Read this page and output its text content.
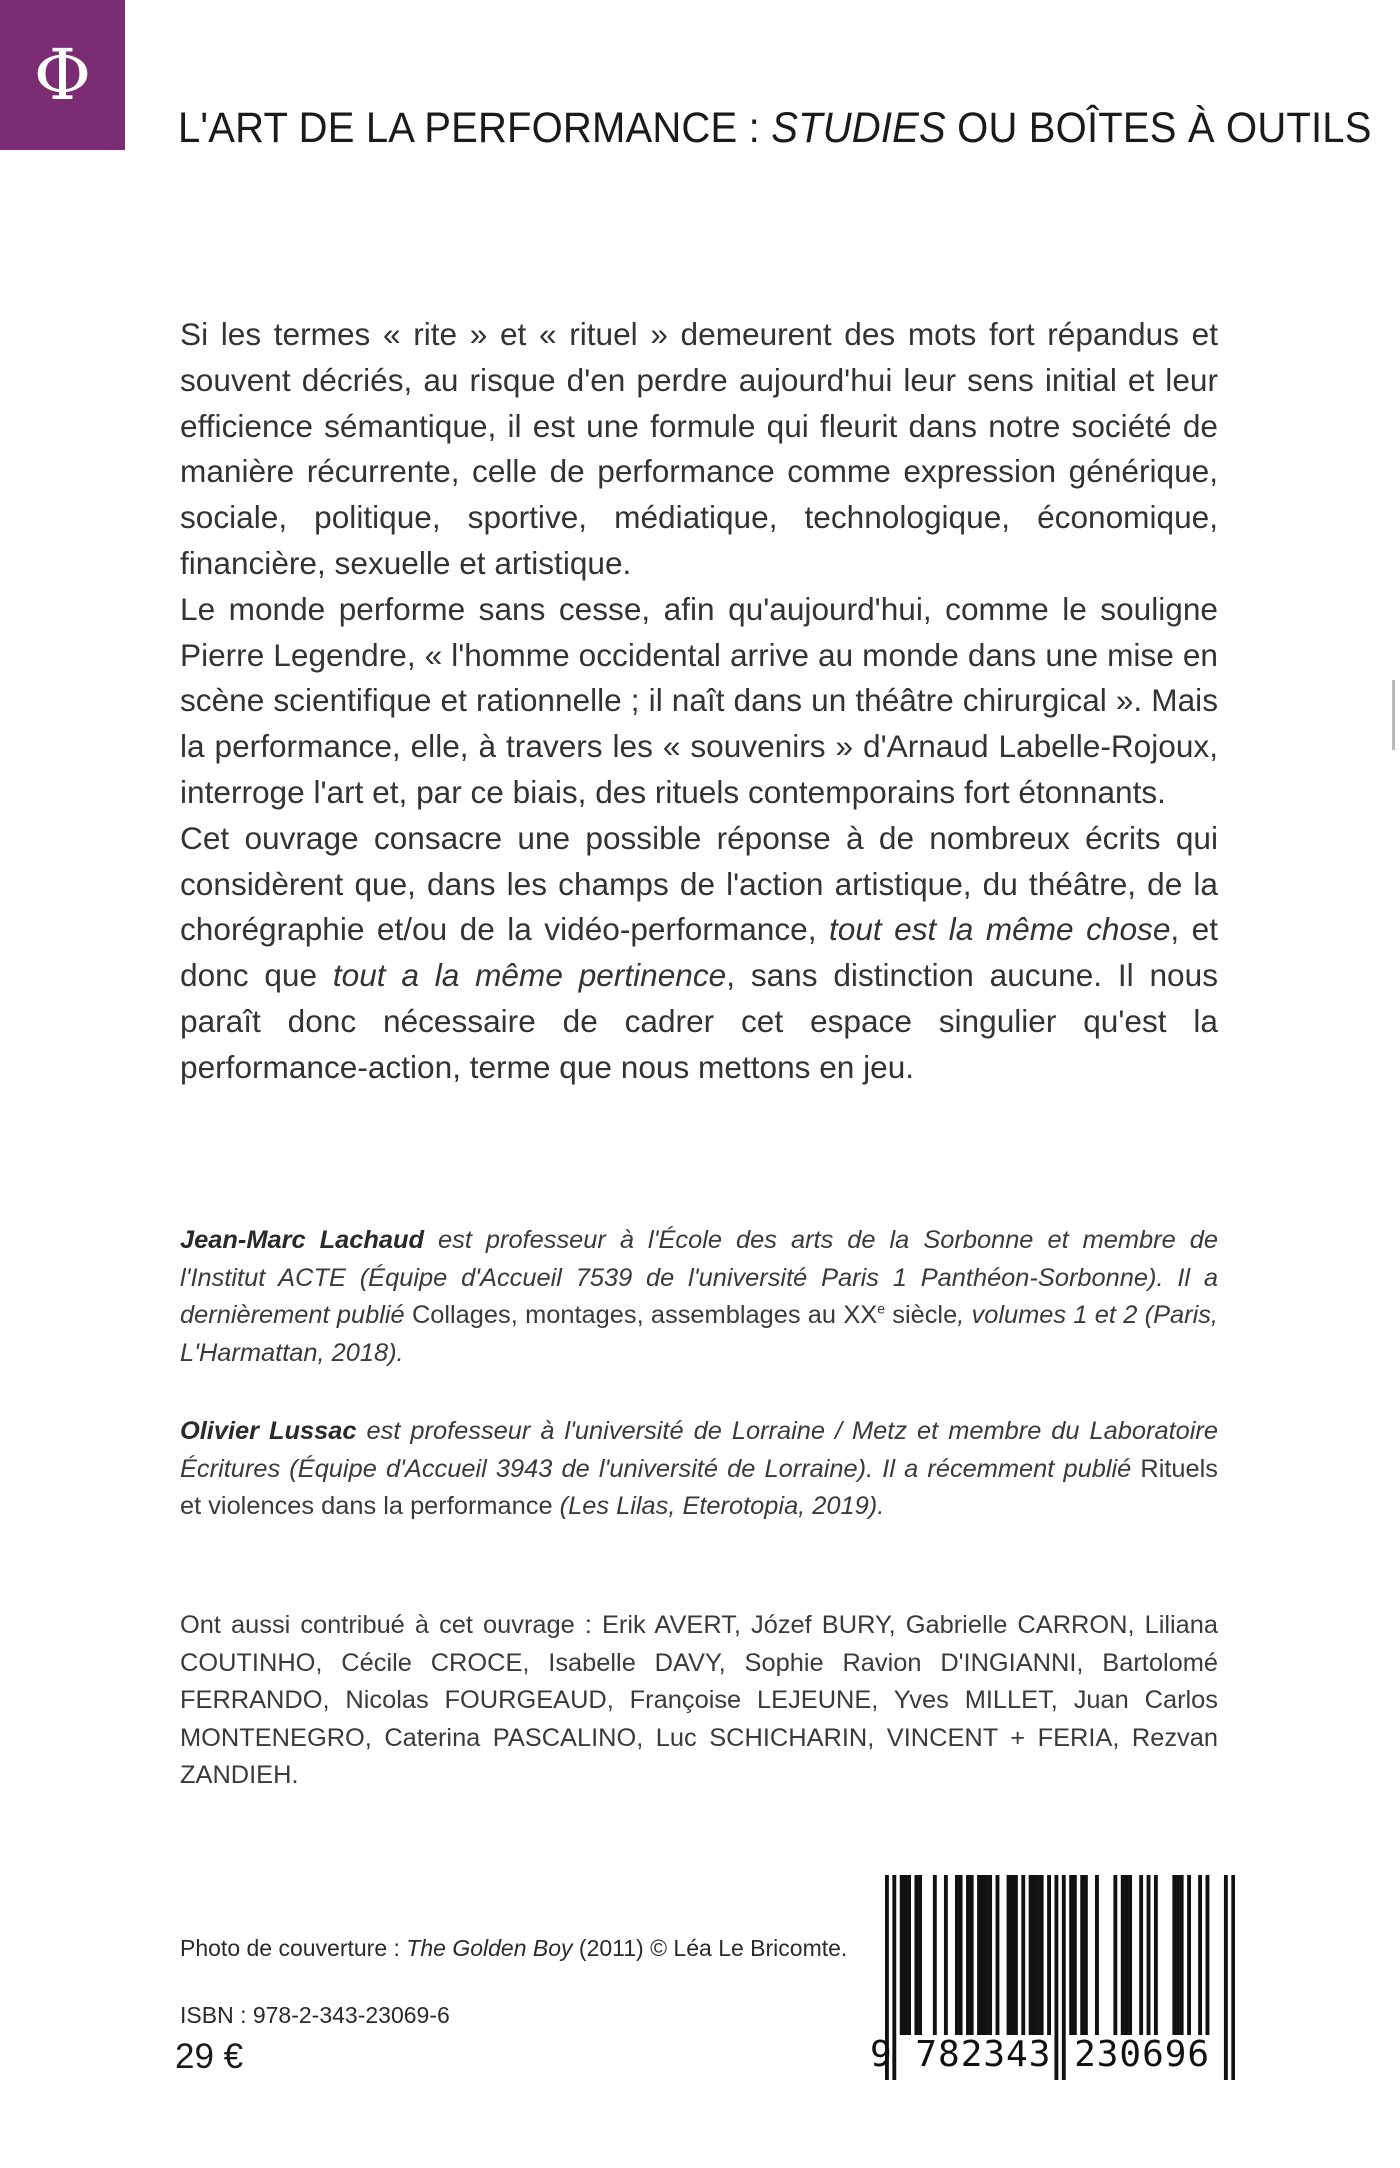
Φ
L'ART DE LA PERFORMANCE : STUDIES OU BOÎTES À OUTILS

Si les termes « rite » et « rituel » demeurent des mots fort répandus et souvent décriés, au risque d'en perdre aujourd'hui leur sens initial et leur efficience sémantique, il est une formule qui fleurit dans notre société de manière récurrente, celle de performance comme expression générique, sociale, politique, sportive, médiatique, technologique, économique, financière, sexuelle et artistique.

Le monde performe sans cesse, afin qu'aujourd'hui, comme le souligne Pierre Legendre, « l'homme occidental arrive au monde dans une mise en scène scientifique et rationnelle ; il naît dans un théâtre chirurgical ». Mais la performance, elle, à travers les « souvenirs » d'Arnaud Labelle-Rojoux, interroge l'art et, par ce biais, des rituels contemporains fort étonnants.

Cet ouvrage consacre une possible réponse à de nombreux écrits qui considèrent que, dans les champs de l'action artistique, du théâtre, de la chorégraphie et/ou de la vidéo-performance, tout est la même chose, et donc que tout a la même pertinence, sans distinction aucune. Il nous paraît donc nécessaire de cadrer cet espace singulier qu'est la performance-action, terme que nous mettons en jeu.

Jean-Marc Lachaud est professeur à l'École des arts de la Sorbonne et membre de l'Institut ACTE (Équipe d'Accueil 7539 de l'université Paris 1 Panthéon-Sorbonne). Il a dernièrement publié Collages, montages, assemblages au XXe siècle, volumes 1 et 2 (Paris, L'Harmattan, 2018).

Olivier Lussac est professeur à l'université de Lorraine / Metz et membre du Laboratoire Écritures (Équipe d'Accueil 3943 de l'université de Lorraine). Il a récemment publié Rituels et violences dans la performance (Les Lilas, Eterotopia, 2019).

Ont aussi contribué à cet ouvrage : Erik AVERT, Józef BURY, Gabrielle CARRON, Liliana COUTINHO, Cécile CROCE, Isabelle DAVY, Sophie Ravion D'INGIANNI, Bartolomé FERRANDO, Nicolas FOURGEAUD, Françoise LEJEUNE, Yves MILLET, Juan Carlos MONTENEGRO, Caterina PASCALINO, Luc SCHICHARIN, VINCENT + FERIA, Rezvan ZANDIEH.

Photo de couverture : The Golden Boy (2011) © Léa Le Bricomte.
ISBN : 978-2-343-23069-6
29 €	9 782343 230696
